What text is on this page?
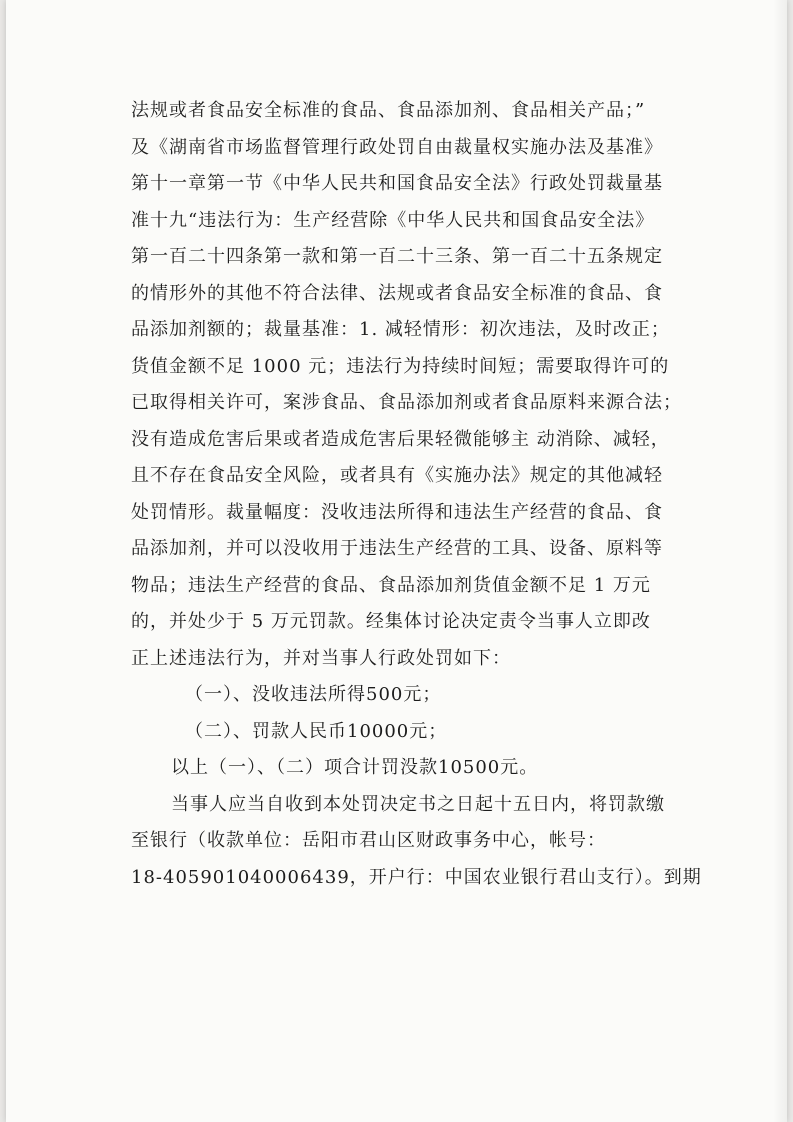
法规或者食品安全标准的食品、食品添加剂、食品相关产品；”
及《湖南省市场监督管理行政处罚自由裁量权实施办法及基准》
第十一章第一节《中华人民共和国食品安全法》行政处罚裁量基
准十九“违法行为：生产经营除《中华人民共和国食品安全法》
第一百二十四条第一款和第一百二十三条、第一百二十五条规定
的情形外的其他不符合法律、法规或者食品安全标准的食品、食
品添加剂额的；裁量基准：1. 减轻情形：初次违法，及时改正；
货值金额不足 1000 元；违法行为持续时间短；需要取得许可的
已取得相关许可，案涉食品、食品添加剂或者食品原料来源合法；
没有造成危害后果或者造成危害后果轻微能够主 动消除、减轻，
且不存在食品安全风险，或者具有《实施办法》规定的其他减轻
处罚情形。裁量幅度：没收违法所得和违法生产经营的食品、食
品添加剂，并可以没收用于违法生产经营的工具、设备、原料等
物品；违法生产经营的食品、食品添加剂货值金额不足 1 万元
的，并处少于 5 万元罚款。经集体讨论决定责令当事人立即改
正上述违法行为，并对当事人行政处罚如下：
（一）、没收违法所得500元；
（二）、罚款人民币10000元；
以上（一）、（二）项合计罚没款10500元。
当事人应当自收到本处罚决定书之日起十五日内，将罚款缴
至银行（收款单位：岳阳市君山区财政事务中心，帐号：
18-405901040006439，开户行：中国农业银行君山支行）。到期
